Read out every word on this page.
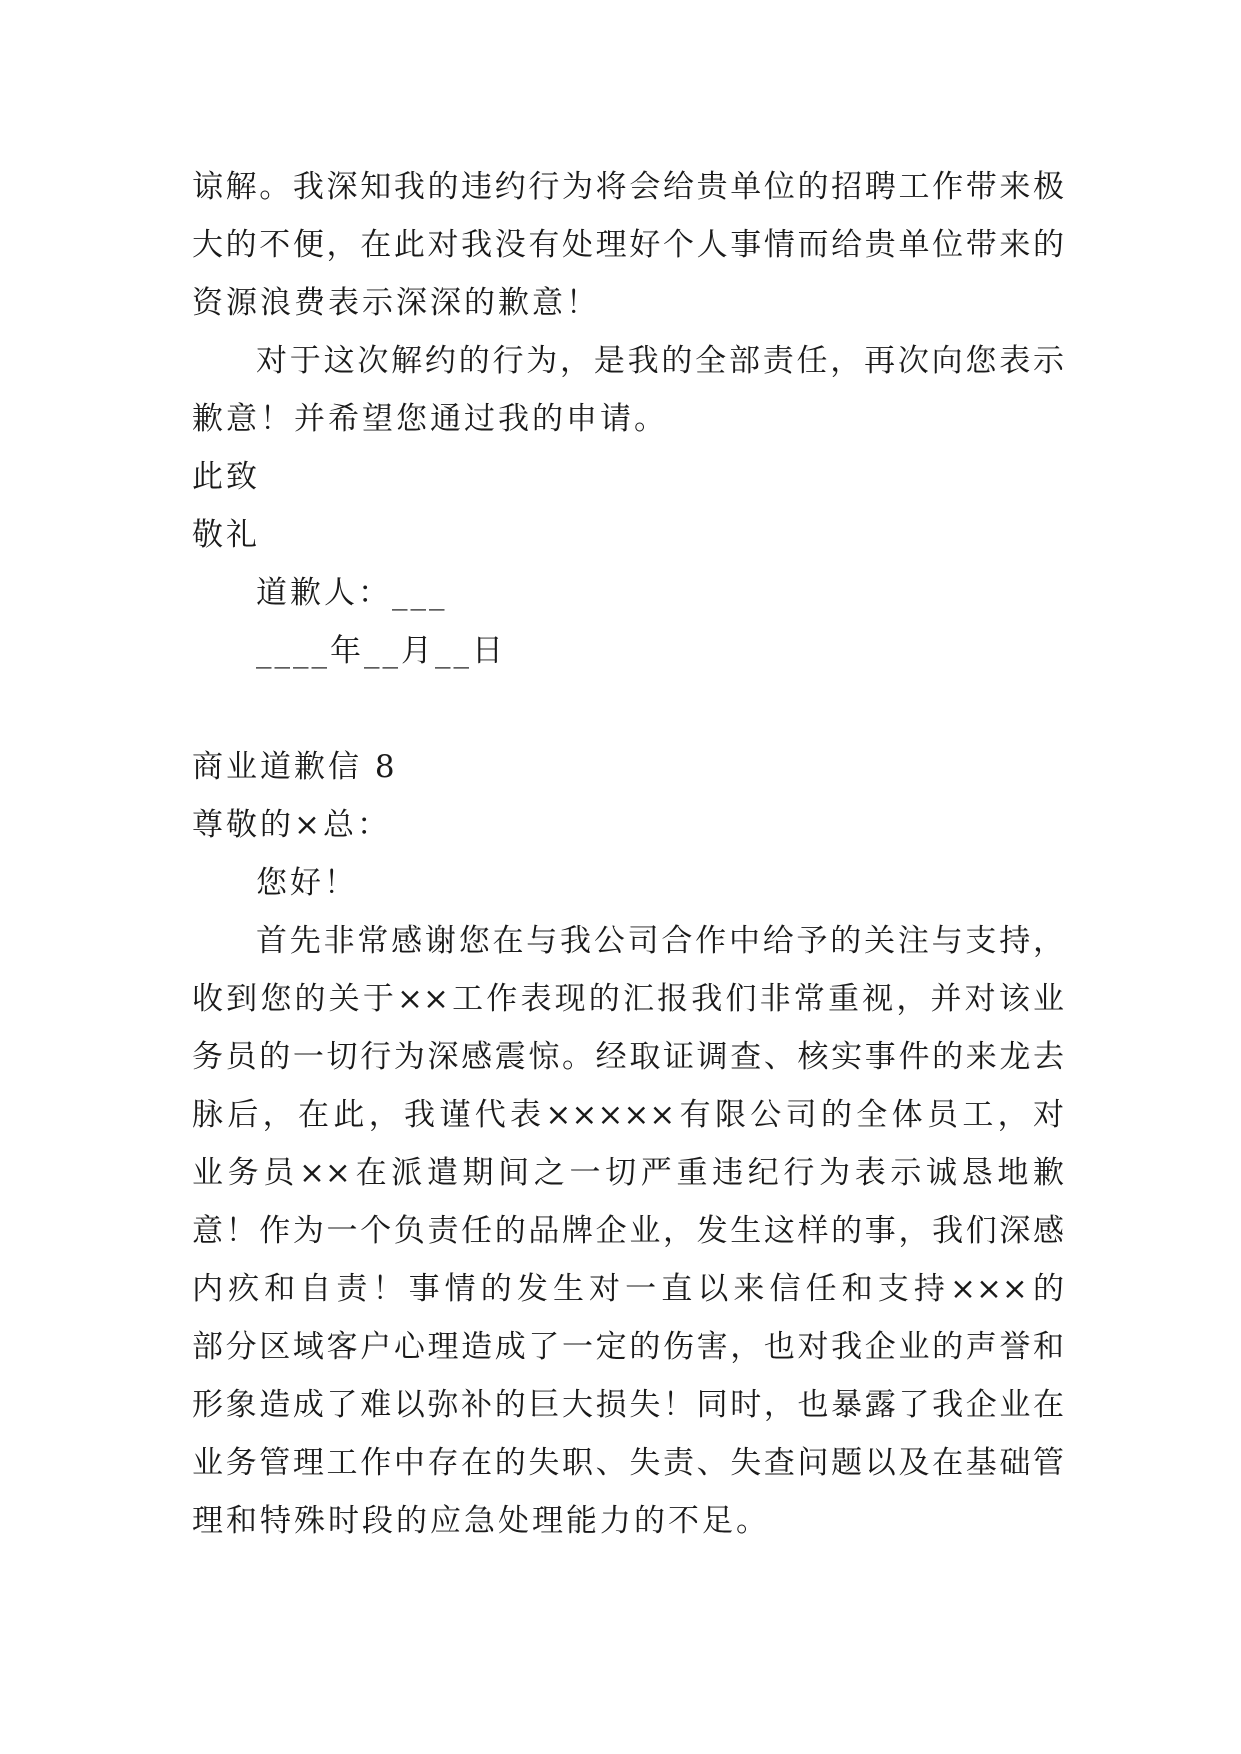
谅解。我深知我的违约行为将会给贵单位的招聘工作带来极
大的不便，在此对我没有处理好个人事情而给贵单位带来的
资源浪费表示深深的歉意！
对于这次解约的行为，是我的全部责任，再次向您表示
歉意！并希望您通过我的申请。
此致
敬礼
道歉人：___
____年__月__日
商业道歉信 8
尊敬的×总：
您好！
首先非常感谢您在与我公司合作中给予的关注与支持，
收到您的关于××工作表现的汇报我们非常重视，并对该业
务员的一切行为深感震惊。经取证调查、核实事件的来龙去
脉后，在此，我谨代表×××××有限公司的全体员工，对
业务员××在派遣期间之一切严重违纪行为表示诚恳地歉
意！作为一个负责任的品牌企业，发生这样的事，我们深感
内疚和自责！事情的发生对一直以来信任和支持×××的
部分区域客户心理造成了一定的伤害，也对我企业的声誉和
形象造成了难以弥补的巨大损失！同时，也暴露了我企业在
业务管理工作中存在的失职、失责、失查问题以及在基础管
理和特殊时段的应急处理能力的不足。
